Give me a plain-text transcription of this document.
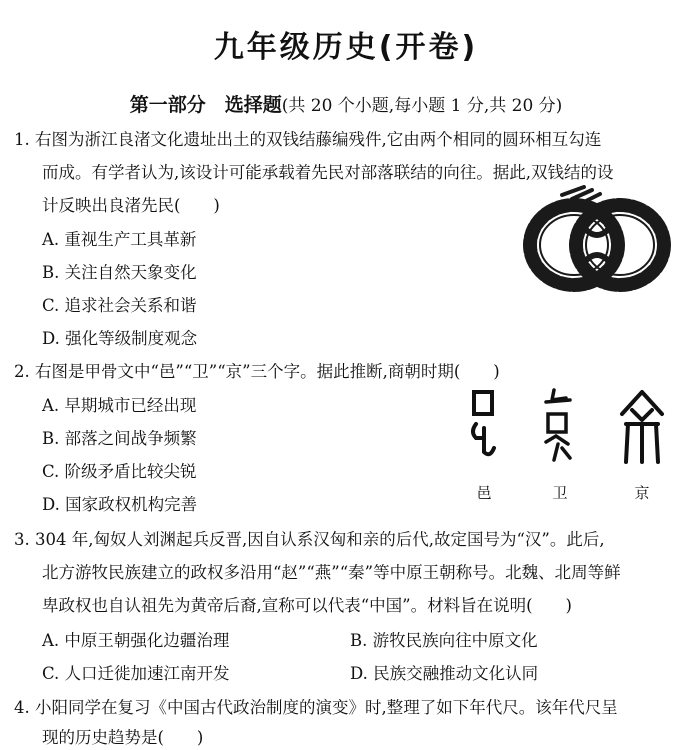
九年级历史(开卷)
第一部分　选择题(共 20 个小题,每小题 1 分,共 20 分)
1. 右图为浙江良渚文化遗址出土的双钱结藤编残件,它由两个相同的圆环相互勾连
而成。有学者认为,该设计可能承载着先民对部落联结的向往。据此,双钱结的设
计反映出良渚先民(　　)
A. 重视生产工具革新
B. 关注自然天象变化
C. 追求社会关系和谐
D. 强化等级制度观念
2. 右图是甲骨文中“邑”“卫”“京”三个字。据此推断,商朝时期(　　)
A. 早期城市已经出现
B. 部落之间战争频繁
C. 阶级矛盾比较尖锐
D. 国家政权机构完善
邑	卫	京
3. 304 年,匈奴人刘渊起兵反晋,因自认系汉匈和亲的后代,故定国号为“汉”。此后,
北方游牧民族建立的政权多沿用“赵”“燕”“秦”等中原王朝称号。北魏、北周等鲜
卑政权也自认祖先为黄帝后裔,宣称可以代表“中国”。材料旨在说明(　　)
A. 中原王朝强化边疆治理	B. 游牧民族向往中原文化
C. 人口迁徙加速江南开发	D. 民族交融推动文化认同
4. 小阳同学在复习《中国古代政治制度的演变》时,整理了如下年代尺。该年代尺呈
现的历史趋势是(　　)
